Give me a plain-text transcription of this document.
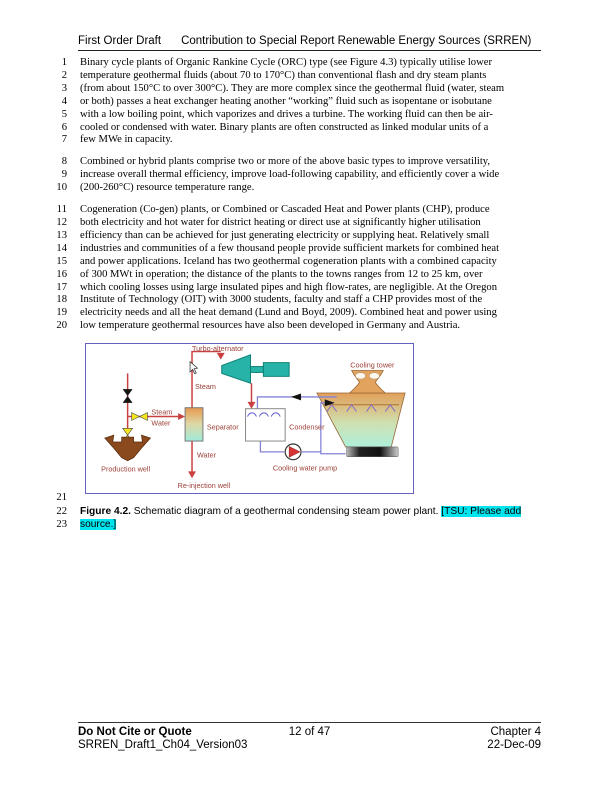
First Order Draft Contribution to Special Report Renewable Energy Sources (SRREN)
1 Binary cycle plants of Organic Rankine Cycle (ORC) type (see Figure 4.3) typically utilise lower
2 temperature geothermal fluids (about 70 to 170°C) than conventional flash and dry steam plants
3 (from about 150°C to over 300°C). They are more complex since the geothermal fluid (water, steam
4 or both) passes a heat exchanger heating another “working” fluid such as isopentane or isobutane
5 with a low boiling point, which vaporizes and drives a turbine. The working fluid can then be air-
6 cooled or condensed with water. Binary plants are often constructed as linked modular units of a
7 few MWe in capacity.
8 Combined or hybrid plants comprise two or more of the above basic types to improve versatility,
9 increase overall thermal efficiency, improve load-following capability, and efficiently cover a wide
10 (200-260°C) resource temperature range.
11 Cogeneration (Co-gen) plants, or Combined or Cascaded Heat and Power plants (CHP), produce
12 both electricity and hot water for district heating or direct use at significantly higher utilisation
13 efficiency than can be achieved for just generating electricity or supplying heat. Relatively small
14 industries and communities of a few thousand people provide sufficient markets for combined heat
15 and power applications. Iceland has two geothermal cogeneration plants with a combined capacity
16 of 300 MWt in operation; the distance of the plants to the towns ranges from 12 to 25 km, over
17 which cooling losses using large insulated pipes and high flow-rates, are negligible. At the Oregon
18 Institute of Technology (OIT) with 3000 students, faculty and staff a CHP provides most of the
19 electricity needs and all the heat demand (Lund and Boyd, 2009). Combined heat and power using
20 low temperature geothermal resources have also been developed in Germany and Austria.
Turbo-alternator
Steam
Cooling tower
Steam
Water	Separator	Condenser
Cooling water pump
Production well
Water
Re-injection well
21
22 Figure 4.2. Schematic diagram of a geothermal condensing steam power plant. [TSU: Please add
23 source.]
Do Not Cite or Quote	12 of 47	Chapter 4
SRREN_Draft1_Ch04_Version03	22-Dec-09
